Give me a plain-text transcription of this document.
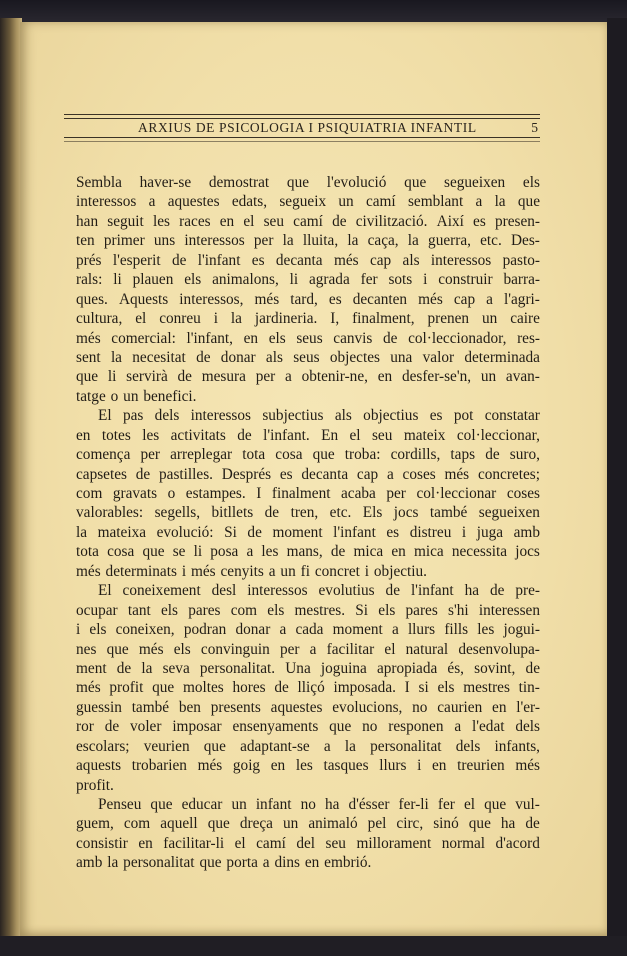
ARXIUS DE PSICOLOGIA I PSIQUIATRIA INFANTIL	5
Sembla haver-se demostrat que l'evolució que segueixen els
interessos a aquestes edats, segueix un camí semblant a la que
han seguit les races en el seu camí de civilització. Així es presen-
ten primer uns interessos per la lluita, la caça, la guerra, etc. Des-
prés l'esperit de l'infant es decanta més cap als interessos pasto-
rals: li plauen els animalons, li agrada fer sots i construir barra-
ques. Aquests interessos, més tard, es decanten més cap a l'agri-
cultura, el conreu i la jardineria. I, finalment, prenen un caire
més comercial: l'infant, en els seus canvis de col·leccionador, res-
sent la necesitat de donar als seus objectes una valor determinada
que li servirà de mesura per a obtenir-ne, en desfer-se'n, un avan-
tatge o un benefici.
El pas dels interessos subjectius als objectius es pot constatar
en totes les activitats de l'infant. En el seu mateix col·leccionar,
comença per arreplegar tota cosa que troba: cordills, taps de suro,
capsetes de pastilles. Després es decanta cap a coses més concretes;
com gravats o estampes. I finalment acaba per col·leccionar coses
valorables: segells, bitllets de tren, etc. Els jocs també segueixen
la mateixa evolució: Si de moment l'infant es distreu i juga amb
tota cosa que se li posa a les mans, de mica en mica necessita jocs
més determinats i més cenyits a un fi concret i objectiu.
El coneixement desl interessos evolutius de l'infant ha de pre-
ocupar tant els pares com els mestres. Si els pares s'hi interessen
i els coneixen, podran donar a cada moment a llurs fills les jogui-
nes que més els convinguin per a facilitar el natural desenvolupa-
ment de la seva personalitat. Una joguina apropiada és, sovint, de
més profit que moltes hores de lliçó imposada. I si els mestres tin-
guessin també ben presents aquestes evolucions, no caurien en l'er-
ror de voler imposar ensenyaments que no responen a l'edat dels
escolars; veurien que adaptant-se a la personalitat dels infants,
aquests trobarien més goig en les tasques llurs i en treurien més
profit.
Penseu que educar un infant no ha d'ésser fer-li fer el que vul-
guem, com aquell que dreça un animaló pel circ, sinó que ha de
consistir en facilitar-li el camí del seu millorament normal d'acord
amb la personalitat que porta a dins en embrió.
